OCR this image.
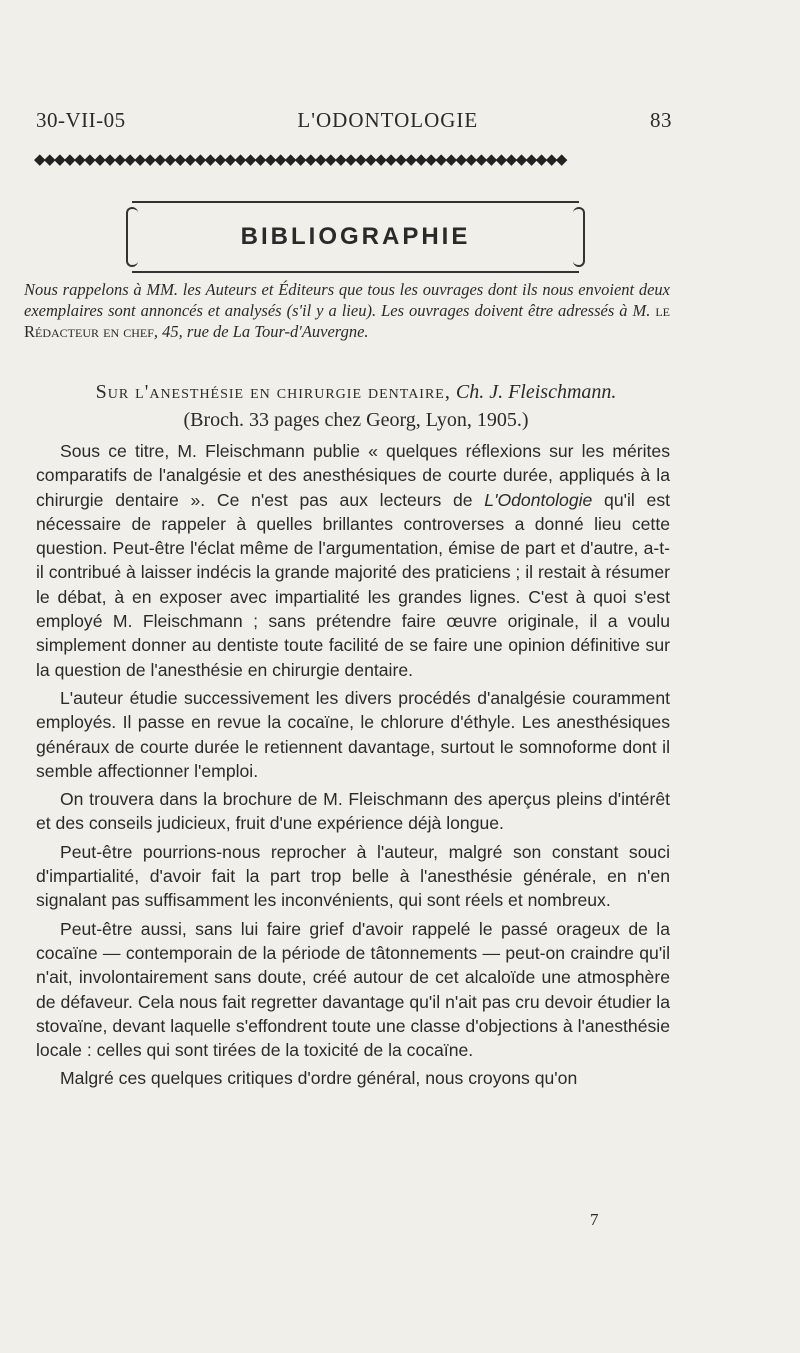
30-VII-05	L'ODONTOLOGIE	83
◆◆◆◆◆◆◆◆◆◆◆◆◆◆◆◆◆◆◆◆◆◆◆◆◆◆◆◆◆◆◆◆◆◆◆◆◆◆◆◆◆◆◆◆◆◆◆◆◆◆◆◆◆
BIBLIOGRAPHIE
Nous rappelons à MM. les Auteurs et Éditeurs que tous les ouvrages dont ils nous envoient deux exemplaires sont annoncés et analysés (s'il y a lieu). Les ouvrages doivent être adressés à M. le Rédacteur en chef, 45, rue de La Tour-d'Auvergne.
Sur l'anesthésie en chirurgie dentaire, Ch. J. Fleischmann.
(Broch. 33 pages chez Georg, Lyon, 1905.)

Sous ce titre, M. Fleischmann publie « quelques réflexions sur les mérites comparatifs de l'analgésie et des anesthésiques de courte durée, appliqués à la chirurgie dentaire ». Ce n'est pas aux lecteurs de L'Odontologie qu'il est nécessaire de rappeler à quelles brillantes controverses a donné lieu cette question. Peut-être l'éclat même de l'argumentation, émise de part et d'autre, a-t-il contribué à laisser indécis la grande majorité des praticiens ; il restait à résumer le débat, à en exposer avec impartialité les grandes lignes. C'est à quoi s'est employé M. Fleischmann ; sans prétendre faire œuvre originale, il a voulu simplement donner au dentiste toute facilité de se faire une opinion définitive sur la question de l'anesthésie en chirurgie dentaire.

L'auteur étudie successivement les divers procédés d'analgésie couramment employés. Il passe en revue la cocaïne, le chlorure d'éthyle. Les anesthésiques généraux de courte durée le retiennent davantage, surtout le somnoforme dont il semble affectionner l'emploi.

On trouvera dans la brochure de M. Fleischmann des aperçus pleins d'intérêt et des conseils judicieux, fruit d'une expérience déjà longue.

Peut-être pourrions-nous reprocher à l'auteur, malgré son constant souci d'impartialité, d'avoir fait la part trop belle à l'anesthésie générale, en n'en signalant pas suffisamment les inconvénients, qui sont réels et nombreux.

Peut-être aussi, sans lui faire grief d'avoir rappelé le passé orageux de la cocaïne — contemporain de la période de tâtonnements — peut-on craindre qu'il n'ait, involontairement sans doute, créé autour de cet alcaloïde une atmosphère de défaveur. Cela nous fait regretter davantage qu'il n'ait pas cru devoir étudier la stovaïne, devant laquelle s'effondrent toute une classe d'objections à l'anesthésie locale : celles qui sont tirées de la toxicité de la cocaïne.

Malgré ces quelques critiques d'ordre général, nous croyons qu'on

7
